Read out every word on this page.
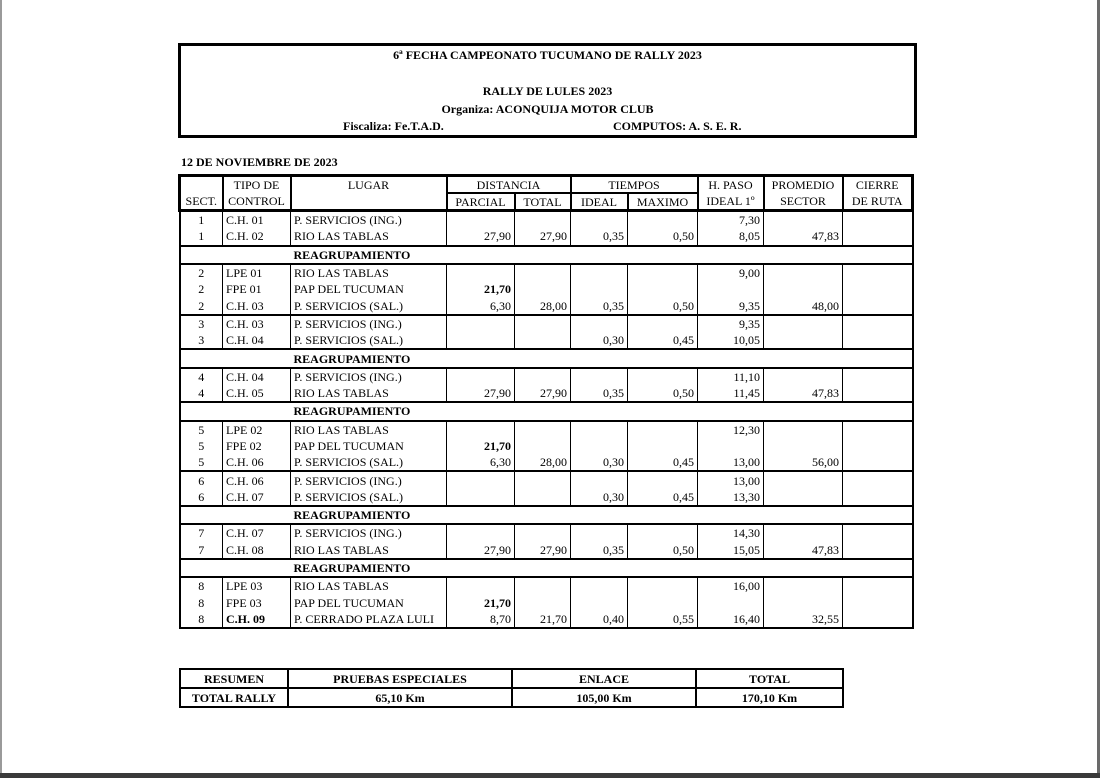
6ª FECHA CAMPEONATO TUCUMANO DE RALLY 2023
RALLY DE LULES 2023
Organiza: ACONQUIJA MOTOR CLUB
Fiscaliza: Fe.T.A.D.	COMPUTOS: A. S. E. R.
12 DE NOVIEMBRE DE 2023
	TIPO DE	LUGAR	DISTANCIA		TIEMPOS		H. PASO	PROMEDIO	CIERRE
SECT.	CONTROL		PARCIAL	TOTAL	IDEAL	MAXIMO	IDEAL 1º	SECTOR	DE RUTA
1	C.H. 01	P. SERVICIOS (ING.)					7,30		
1	C.H. 02	RIO LAS TABLAS	27,90	27,90	0,35	0,50	8,05	47,83	
		REAGRUPAMIENTO							
2	LPE 01	RIO LAS TABLAS					9,00		
2	FPE 01	PAP DEL TUCUMAN	21,70						
2	C.H. 03	P. SERVICIOS (SAL.)	6,30	28,00	0,35	0,50	9,35	48,00	
3	C.H. 03	P. SERVICIOS (ING.)					9,35		
3	C.H. 04	P. SERVICIOS (SAL.)			0,30	0,45	10,05		
		REAGRUPAMIENTO							
4	C.H. 04	P. SERVICIOS (ING.)					11,10		
4	C.H. 05	RIO LAS TABLAS	27,90	27,90	0,35	0,50	11,45	47,83	
		REAGRUPAMIENTO							
5	LPE 02	RIO LAS TABLAS					12,30		
5	FPE 02	PAP DEL TUCUMAN	21,70						
5	C.H. 06	P. SERVICIOS (SAL.)	6,30	28,00	0,30	0,45	13,00	56,00	
6	C.H. 06	P. SERVICIOS (ING.)					13,00		
6	C.H. 07	P. SERVICIOS (SAL.)			0,30	0,45	13,30		
		REAGRUPAMIENTO							
7	C.H. 07	P. SERVICIOS (ING.)					14,30		
7	C.H. 08	RIO LAS TABLAS	27,90	27,90	0,35	0,50	15,05	47,83	
		REAGRUPAMIENTO							
8	LPE 03	RIO LAS TABLAS					16,00		
8	FPE 03	PAP DEL TUCUMAN	21,70						
8	C.H. 09	P. CERRADO PLAZA LULI	8,70	21,70	0,40	0,55	16,40	32,55	
RESUMEN	PRUEBAS ESPECIALES	ENLACE	TOTAL
TOTAL RALLY	65,10 Km	105,00 Km	170,10 Km
